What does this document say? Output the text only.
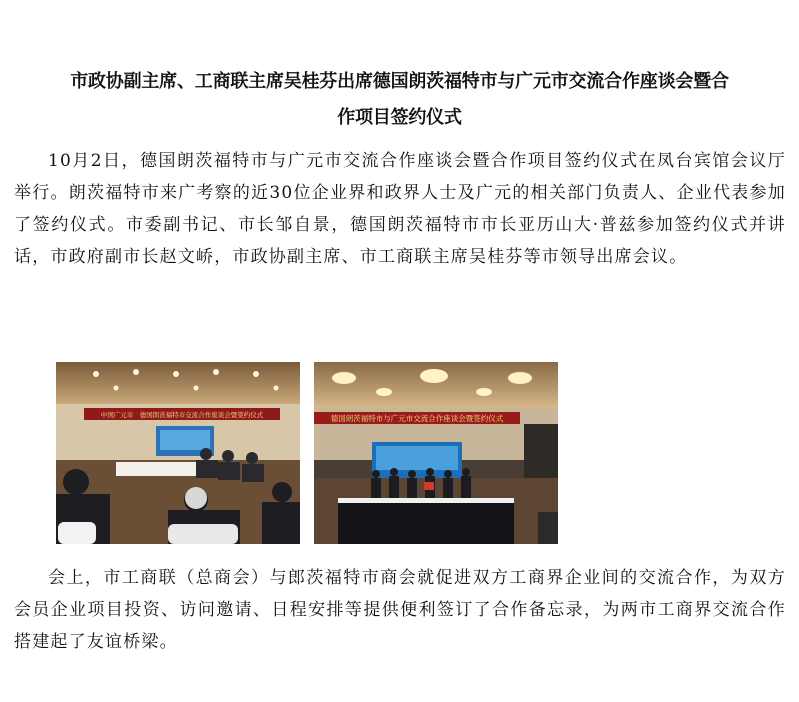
市政协副主席、工商联主席吴桂芬出席德国朗茨福特市与广元市交流合作座谈会暨合
作项目签约仪式

10月2日，德国朗茨福特市与广元市交流合作座谈会暨合作项目签约仪式在凤台宾馆会议厅举行。朗茨福特市来广考察的近30位企业界和政界人士及广元的相关部门负责人、企业代表参加了签约仪式。市委副书记、市长邹自景，德国朗茨福特市市长亚历山大·普兹参加签约仪式并讲话，市政府副市长赵文峤，市政协副主席、市工商联主席吴桂芬等市领导出席会议。

中国广元市　德国朗茨福特市交流合作座谈会暨签约仪式	德国朗茨福特市与广元市交流合作座谈会暨签约仪式

会上，市工商联（总商会）与郎茨福特市商会就促进双方工商界企业间的交流合作，为双方会员企业项目投资、访问邀请、日程安排等提供便利签订了合作备忘录，为两市工商界交流合作搭建起了友谊桥梁。
